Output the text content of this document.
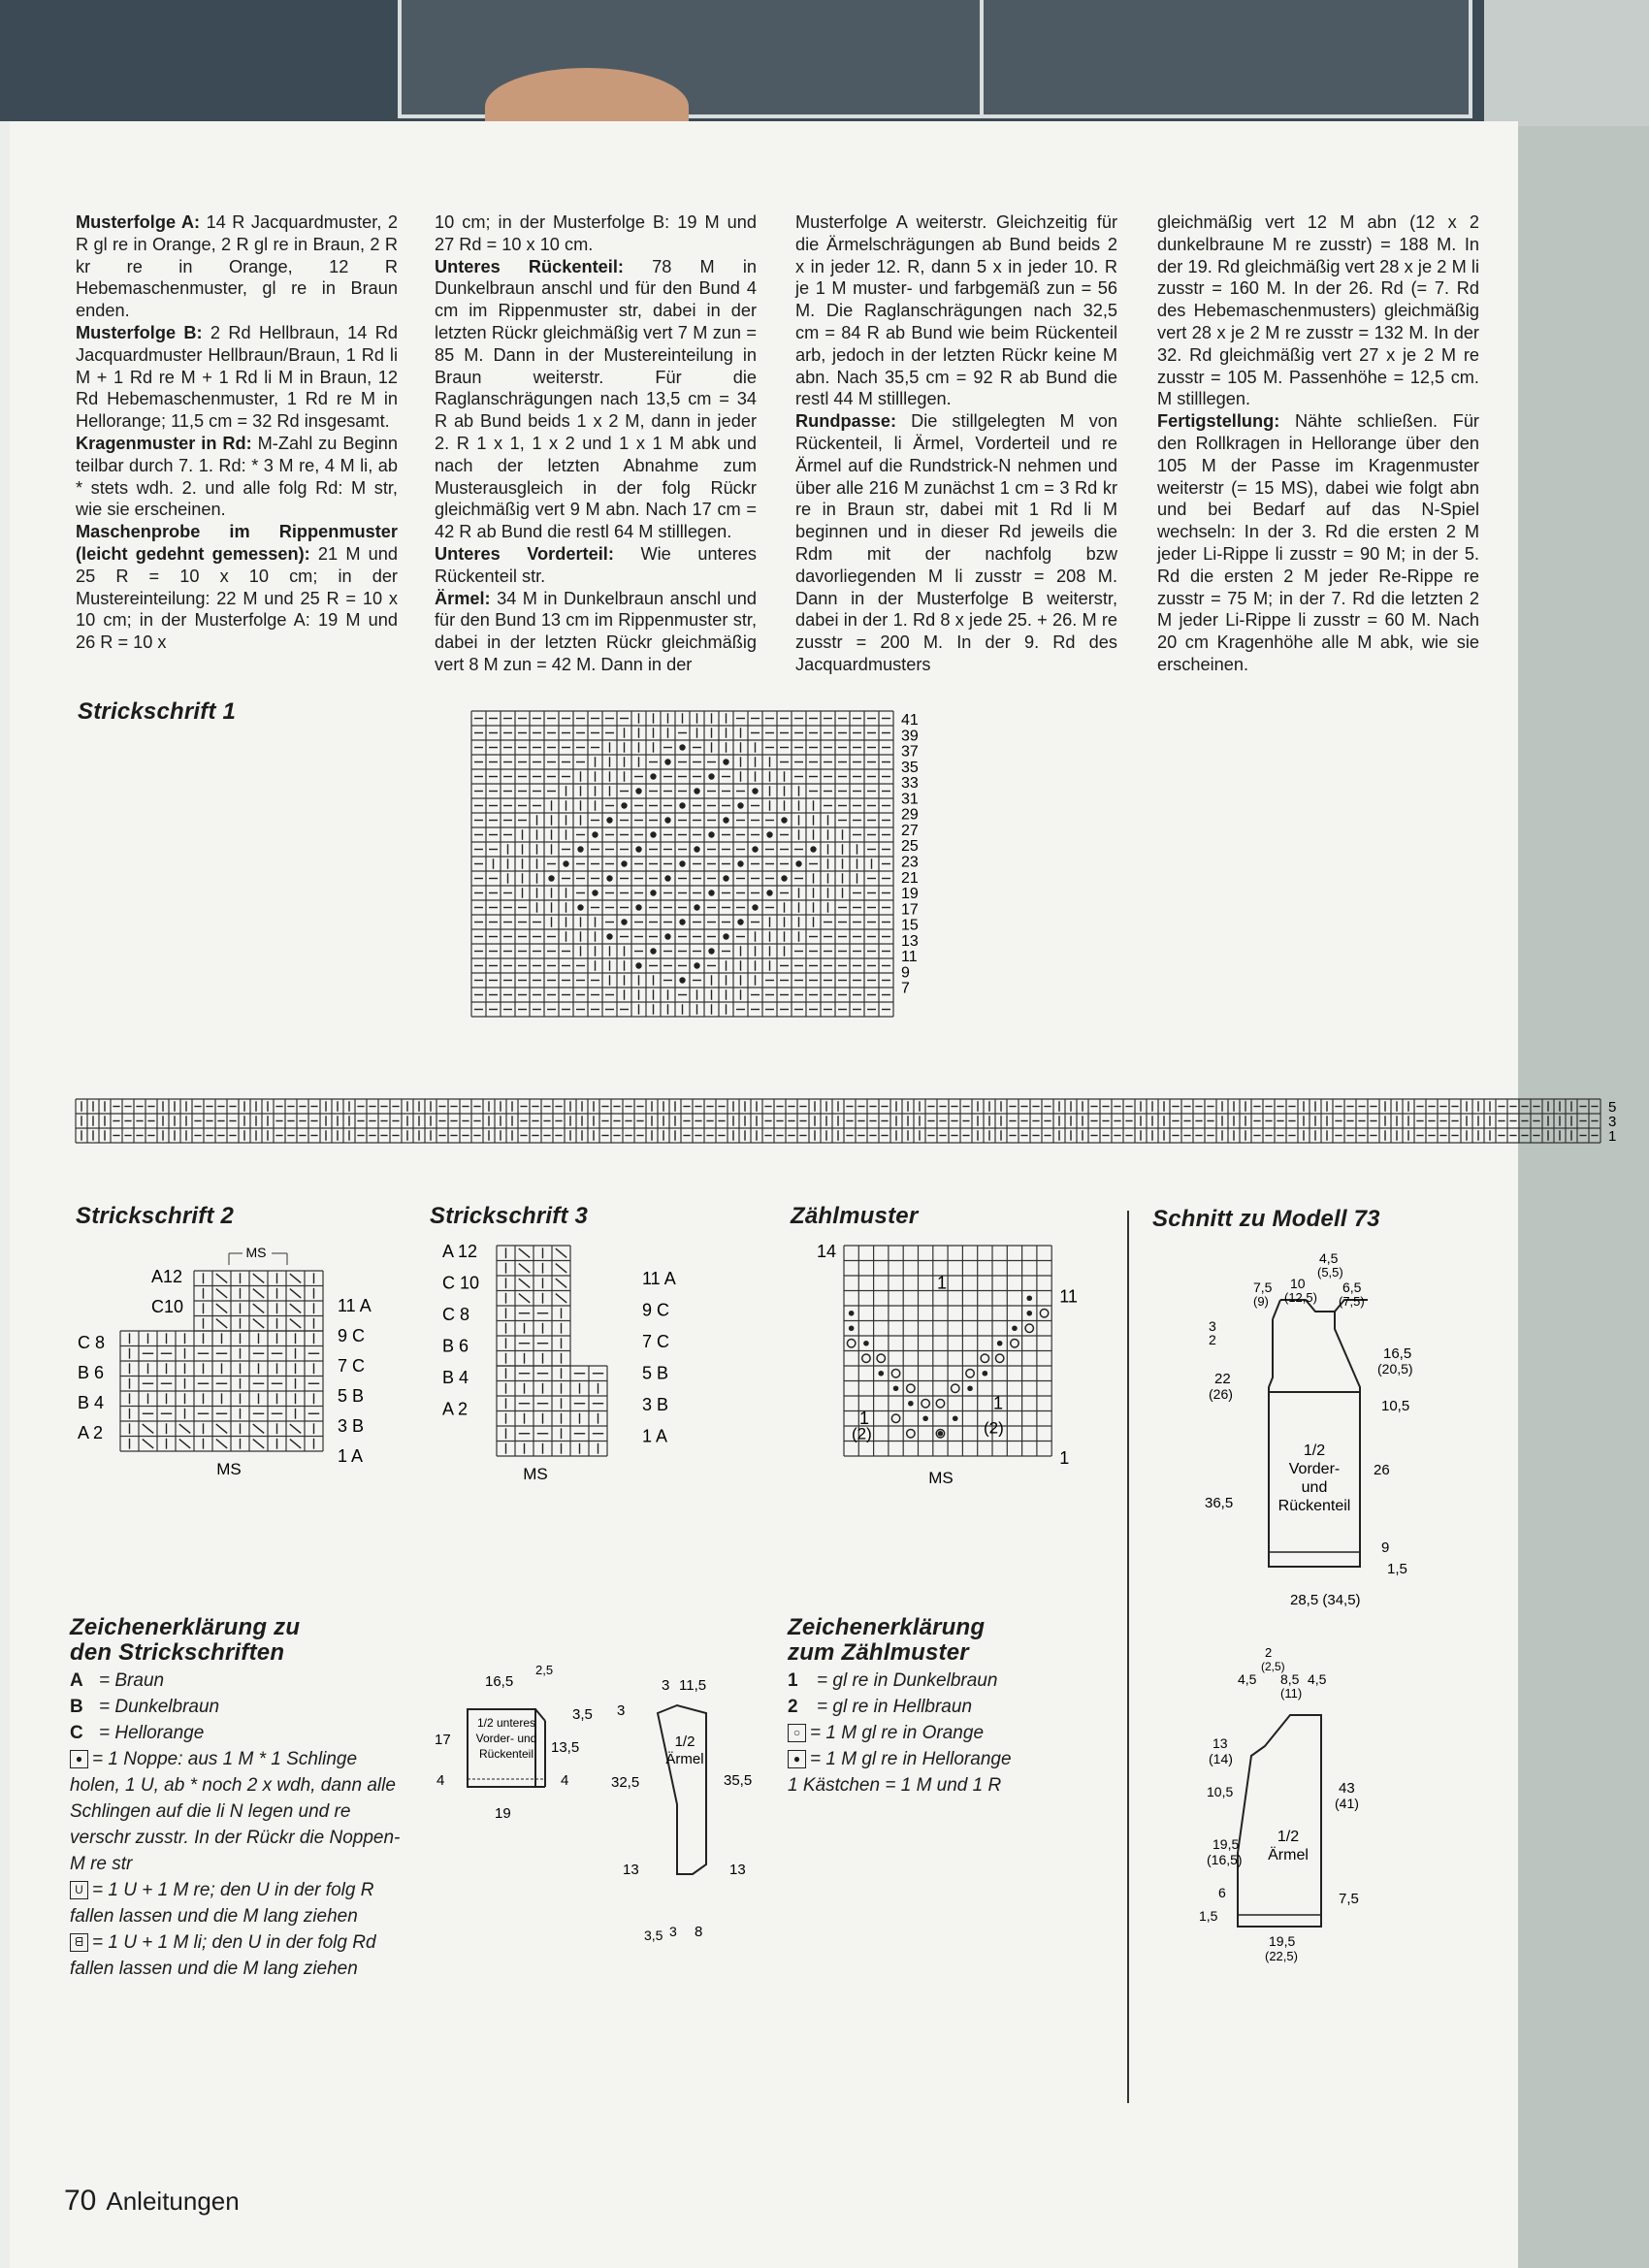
Musterfolge A: 14 R Jacquardmuster, 2 R gl re in Orange, 2 R gl re in Braun, 2 R kr re in Orange, 12 R Hebemaschenmuster, gl re in Braun enden.

Musterfolge B: 2 Rd Hellbraun, 14 Rd Jacquardmuster Hellbraun/Braun, 1 Rd li M + 1 Rd re M + 1 Rd li M in Braun, 12 Rd Hebemaschenmuster, 1 Rd re M in Hellorange; 11,5 cm = 32 Rd insgesamt.

Kragenmuster in Rd: M-Zahl zu Beginn teilbar durch 7. 1. Rd: * 3 M re, 4 M li, ab * stets wdh. 2. und alle folg Rd: M str, wie sie erscheinen.

Maschenprobe im Rippenmuster (leicht gedehnt gemessen): 21 M und 25 R = 10 x 10 cm; in der Mustereinteilung: 22 M und 25 R = 10 x 10 cm; in der Musterfolge A: 19 M und 26 R = 10 x

10 cm; in der Musterfolge B: 19 M und 27 Rd = 10 x 10 cm.

Unteres Rückenteil: 78 M in Dunkelbraun anschl und für den Bund 4 cm im Rippenmuster str, dabei in der letzten Rückr gleichmäßig vert 7 M zun = 85 M. Dann in der Mustereinteilung in Braun weiterstr. Für die Raglanschrägungen nach 13,5 cm = 34 R ab Bund beids 1 x 2 M, dann in jeder 2. R 1 x 1, 1 x 2 und 1 x 1 M abk und nach der letzten Abnahme zum Musterausgleich in der folg Rückr gleichmäßig vert 9 M abn. Nach 17 cm = 42 R ab Bund die restl 64 M stilllegen.

Unteres Vorderteil: Wie unteres Rückenteil str.

Ärmel: 34 M in Dunkelbraun anschl und für den Bund 13 cm im Rippenmuster str, dabei in der letzten Rückr gleichmäßig vert 8 M zun = 42 M. Dann in der

Musterfolge A weiterstr. Gleichzeitig für die Ärmelschrägungen ab Bund beids 2 x in jeder 12. R, dann 5 x in jeder 10. R je 1 M muster- und farbgemäß zun = 56 M. Die Raglanschrägungen nach 32,5 cm = 84 R ab Bund wie beim Rückenteil arb, jedoch in der letzten Rückr keine M abn. Nach 35,5 cm = 92 R ab Bund die restl 44 M stilllegen.

Rundpasse: Die stillgelegten M von Rückenteil, li Ärmel, Vorderteil und re Ärmel auf die Rundstrick-N nehmen und über alle 216 M zunächst 1 cm = 3 Rd kr re in Braun str, dabei mit 1 Rd li M beginnen und in dieser Rd jeweils die Rdm mit der nachfolg bzw davorliegenden M li zusstr = 208 M. Dann in der Musterfolge B weiterstr, dabei in der 1. Rd 8 x jede 25. + 26. M re zusstr = 200 M. In der 9. Rd des Jacquardmusters

gleichmäßig vert 12 M abn (12 x 2 dunkelbraune M re zusstr) = 188 M. In der 19. Rd gleichmäßig vert 28 x je 2 M li zusstr = 160 M. In der 26. Rd (= 7. Rd des Hebemaschenmusters) gleichmäßig vert 28 x je 2 M re zusstr = 132 M. In der 32. Rd gleichmäßig vert 27 x je 2 M re zusstr = 105 M. Passenhöhe = 12,5 cm. M stilllegen.

Fertigstellung: Nähte schließen. Für den Rollkragen in Hellorange über den 105 M der Passe im Kragenmuster weiterstr (= 15 MS), dabei wie folgt abn und bei Bedarf auf das N-Spiel wechseln: In der 3. Rd die ersten 2 M jeder Li-Rippe li zusstr = 90 M; in der 5. Rd die ersten 2 M jeder Re-Rippe re zusstr = 75 M; in der 7. Rd die letzten 2 M jeder Li-Rippe li zusstr = 60 M. Nach 20 cm Kragenhöhe alle M abk, wie sie erscheinen.

Strickschrift 1
Strickschrift 2	Strickschrift 3	Zählmuster	Schnitt zu Modell 73
41
39
37
35
33
31
29
27
25
23
21
19
17
15
13
11
9
7
5
3
1
MS
MS
A12
C10
C 8
B 6
B 4
A 2
11 A
9 C
7 C
5 B
3 B
1 A
MS
A 12
C 10
C 8
B 6
B 4
A 2
11 A
9 C
7 C
5 B
3 B
1 A
14
11
1
MS
1
1
1
(2)	(2)
Zeichenerklärung zu
den Strickschriften
A = Braun
B = Dunkelbraun
C = Hellorange
● = 1 Noppe: aus 1 M * 1 Schlinge holen, 1 U, ab * noch 2 x wdh, dann alle Schlingen auf die li N legen und re verschr zusstr. In der Rückr die Noppen-M re str
U = 1 U + 1 M re; den U in der folg R fallen lassen und die M lang ziehen
ᗺ = 1 U + 1 M li; den U in der folg Rd fallen lassen und die M lang ziehen
Zeichenerklärung
zum Zählmuster
1 = gl re in Dunkelbraun
2 = gl re in Hellbraun
○ = 1 M gl re in Orange
● = 1 M gl re in Hellorange
1 Kästchen = 1 M und 1 R
1/2 unteres
Vorder- und
Rückenteil
16,5
2,5
17
3,5
13,5
4	4
19
1/2
Ärmel
3 11,5
3
32,5	35,5
13	13
3,5 3 8
1/2
Vorder-
und
Rückenteil
4,5
(5,5)
7,5
(9)
10
(12,5)
6,5
(7,5)
3
2
22
(26)
36,5
16,5
(20,5)
10,5
26
9
1,5
28,5 (34,5)
1/2
Ärmel
2
(2,5)
4,5 8,5
(11)
4,5
13
(14)
10,5
19,5
(16,5)
6
1,5
43
(41)
7,5
19,5
(22,5)
70 Anleitungen
